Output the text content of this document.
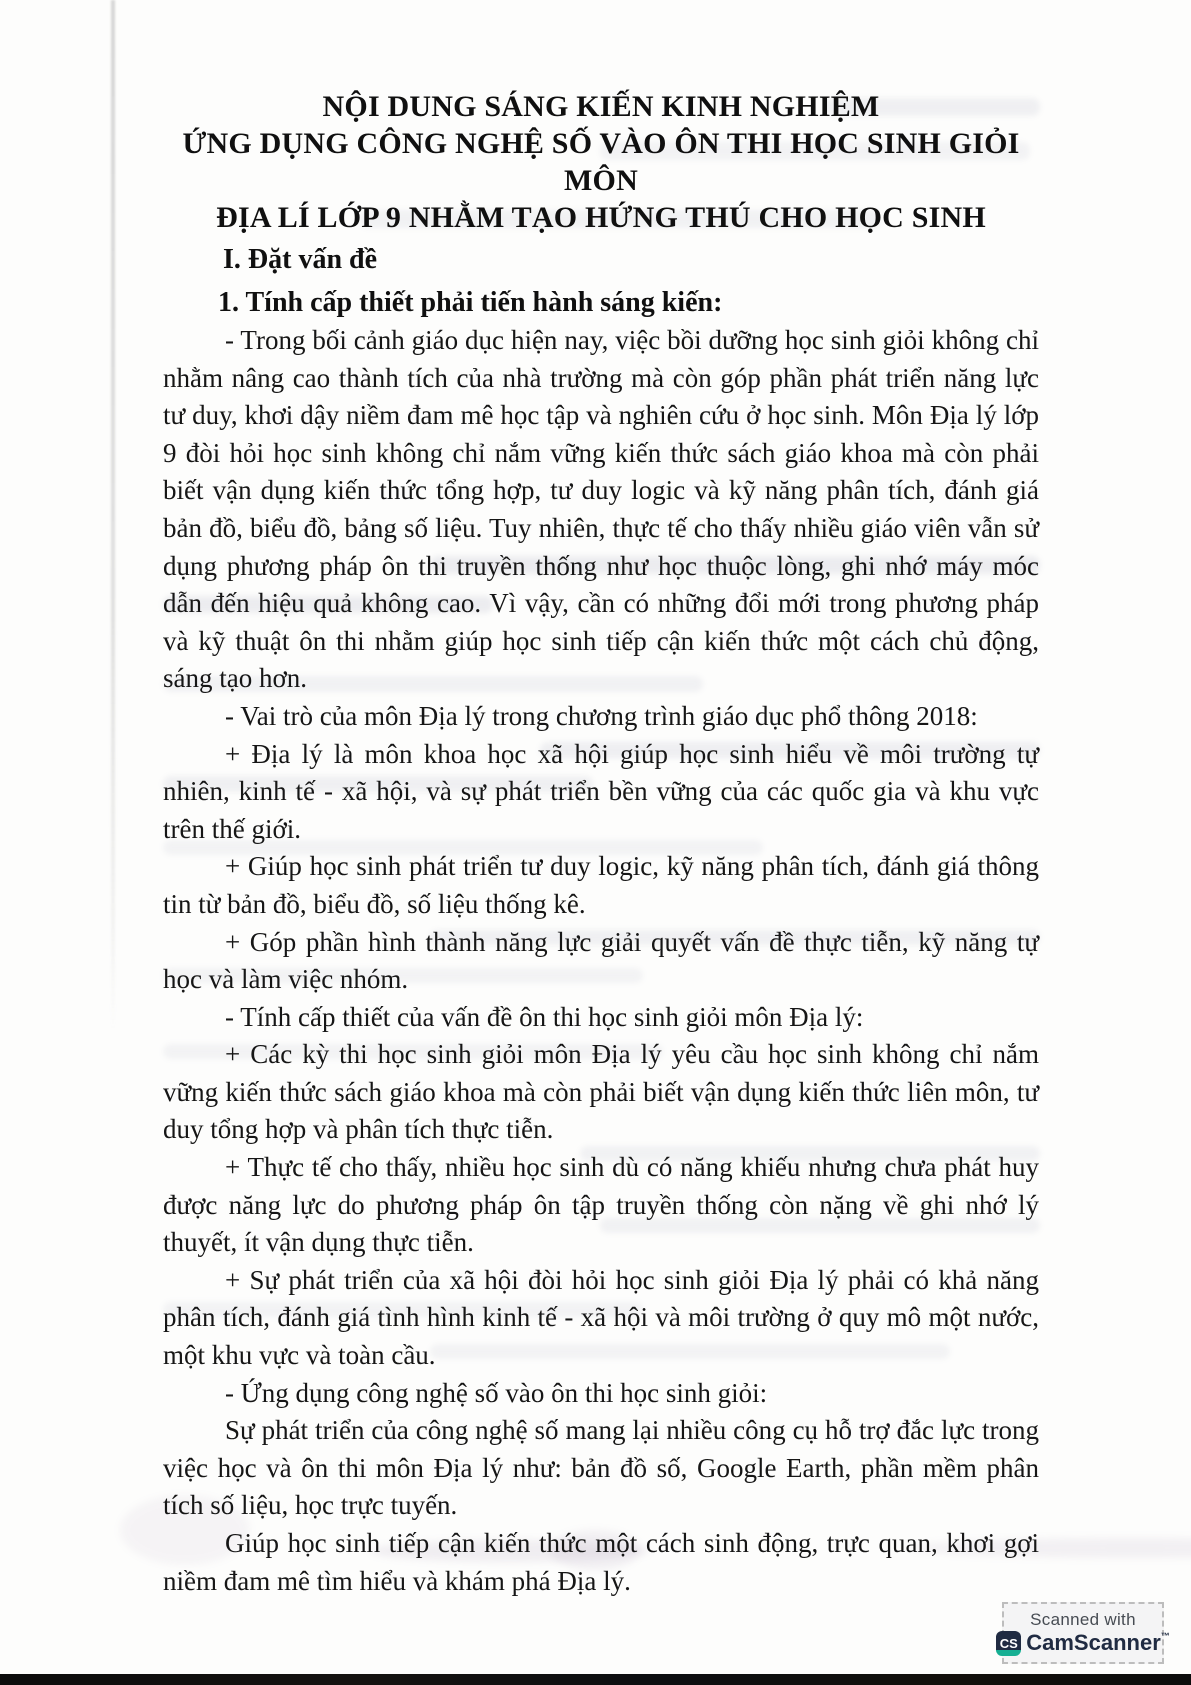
NỘI DUNG SÁNG KIẾN KINH NGHIỆM
ỨNG DỤNG CÔNG NGHỆ SỐ VÀO ÔN THI HỌC SINH GIỎI MÔN
ĐỊA LÍ LỚP 9 NHẰM TẠO HỨNG THÚ CHO HỌC SINH
I. Đặt vấn đề
1. Tính cấp thiết phải tiến hành sáng kiến:

- Trong bối cảnh giáo dục hiện nay, việc bồi dưỡng học sinh giỏi không chỉ nhằm nâng cao thành tích của nhà trường mà còn góp phần phát triển năng lực tư duy, khơi dậy niềm đam mê học tập và nghiên cứu ở học sinh. Môn Địa lý lớp 9 đòi hỏi học sinh không chỉ nắm vững kiến thức sách giáo khoa mà còn phải biết vận dụng kiến thức tổng hợp, tư duy logic và kỹ năng phân tích, đánh giá bản đồ, biểu đồ, bảng số liệu. Tuy nhiên, thực tế cho thấy nhiều giáo viên vẫn sử dụng phương pháp ôn thi truyền thống như học thuộc lòng, ghi nhớ máy móc dẫn đến hiệu quả không cao. Vì vậy, cần có những đổi mới trong phương pháp và kỹ thuật ôn thi nhằm giúp học sinh tiếp cận kiến thức một cách chủ động, sáng tạo hơn.

- Vai trò của môn Địa lý trong chương trình giáo dục phổ thông 2018:

+ Địa lý là môn khoa học xã hội giúp học sinh hiểu về môi trường tự nhiên, kinh tế - xã hội, và sự phát triển bền vững của các quốc gia và khu vực trên thế giới.

+ Giúp học sinh phát triển tư duy logic, kỹ năng phân tích, đánh giá thông tin từ bản đồ, biểu đồ, số liệu thống kê.

+ Góp phần hình thành năng lực giải quyết vấn đề thực tiễn, kỹ năng tự học và làm việc nhóm.

- Tính cấp thiết của vấn đề ôn thi học sinh giỏi môn Địa lý:

+ Các kỳ thi học sinh giỏi môn Địa lý yêu cầu học sinh không chỉ nắm vững kiến thức sách giáo khoa mà còn phải biết vận dụng kiến thức liên môn, tư duy tổng hợp và phân tích thực tiễn.

+ Thực tế cho thấy, nhiều học sinh dù có năng khiếu nhưng chưa phát huy được năng lực do phương pháp ôn tập truyền thống còn nặng về ghi nhớ lý thuyết, ít vận dụng thực tiễn.

+ Sự phát triển của xã hội đòi hỏi học sinh giỏi Địa lý phải có khả năng phân tích, đánh giá tình hình kinh tế - xã hội và môi trường ở quy mô một nước, một khu vực và toàn cầu.

- Ứng dụng công nghệ số vào ôn thi học sinh giỏi:

Sự phát triển của công nghệ số mang lại nhiều công cụ hỗ trợ đắc lực trong việc học và ôn thi môn Địa lý như: bản đồ số, Google Earth, phần mềm phân tích số liệu, học trực tuyến.

Giúp học sinh tiếp cận kiến thức một cách sinh động, trực quan, khơi gợi niềm đam mê tìm hiểu và khám phá Địa lý.

Scanned with
CS CamScanner™
